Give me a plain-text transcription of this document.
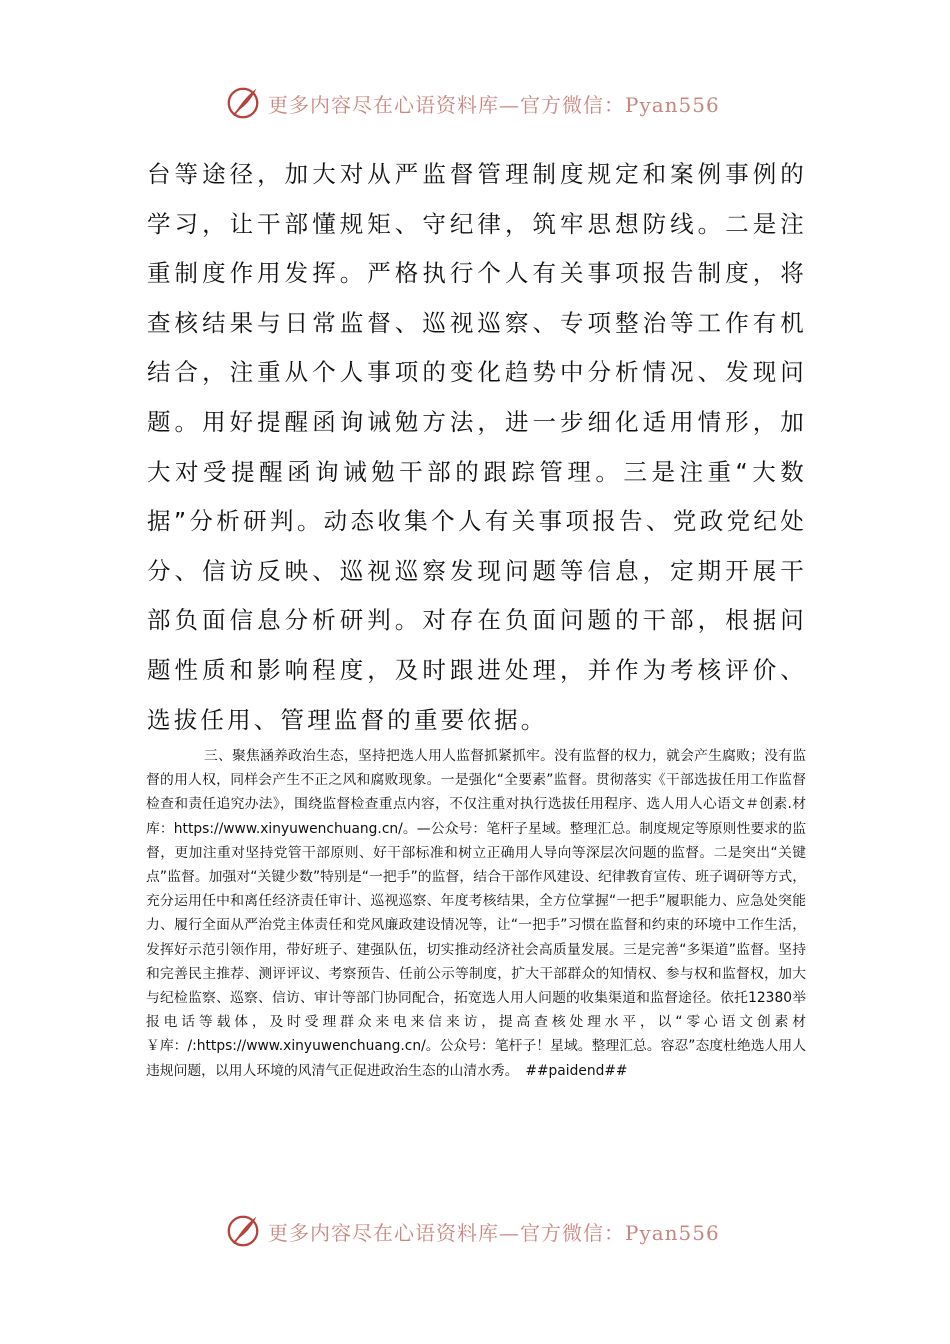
更多内容尽在心语资料库—官方微信：Pyan556
台等途径，加大对从严监督管理制度规定和案例事例的学习，让干部懂规矩、守纪律，筑牢思想防线。二是注重制度作用发挥。严格执行个人有关事项报告制度，将查核结果与日常监督、巡视巡察、专项整治等工作有机结合，注重从个人事项的变化趋势中分析情况、发现问题。用好提醒函询诫勉方法，进一步细化适用情形，加大对受提醒函询诫勉干部的跟踪管理。三是注重“大数据”分析研判。动态收集个人有关事项报告、党政党纪处分、信访反映、巡视巡察发现问题等信息，定期开展干部负面信息分析研判。对存在负面问题的干部，根据问题性质和影响程度，及时跟进处理，并作为考核评价、选拔任用、管理监督的重要依据。

三、聚焦涵养政治生态，坚持把选人用人监督抓紧抓牢。没有监督的权力，就会产生腐败；没有监督的用人权，同样会产生不正之风和腐败现象。一是强化“全要素”监督。贯彻落实《干部选拔任用工作监督检查和责任追究办法》，围绕监督检查重点内容，不仅注重对执行选拔任用程序、选人用人心语文＃创素.材库：https://www.xinyuwenchuang.cn/。—公众号：笔杆子星域。整理汇总。制度规定等原则性要求的监督，更加注重对坚持党管干部原则、好干部标准和树立正确用人导向等深层次问题的监督。二是突出“关键点”监督。加强对“关键少数”特别是“一把手”的监督，结合干部作风建设、纪律教育宣传、班子调研等方式，充分运用任中和离任经济责任审计、巡视巡察、年度考核结果，全方位掌握“一把手”履职能力、应急处突能力、履行全面从严治党主体责任和党风廉政建设情况等，让“一把手”习惯在监督和约束的环境中工作生活，发挥好示范引领作用，带好班子、建强队伍，切实推动经济社会高质量发展。三是完善“多渠道”监督。坚持和完善民主推荐、测评评议、考察预告、任前公示等制度，扩大干部群众的知情权、参与权和监督权，加大与纪检监察、巡察、信访、审计等部门协同配合，拓宽选人用人问题的收集渠道和监督途径。依托12380举报电话等载体，及时受理群众来电来信来访，提高查核处理水平，以“零心语文创素材￥库：/:https://www.xinyuwenchuang.cn/。公众号：笔杆子！星域。整理汇总。容忍”态度杜绝选人用人违规问题，以用人环境的风清气正促进政治生态的山清水秀。　##paidend##

更多内容尽在心语资料库—官方微信：Pyan556
